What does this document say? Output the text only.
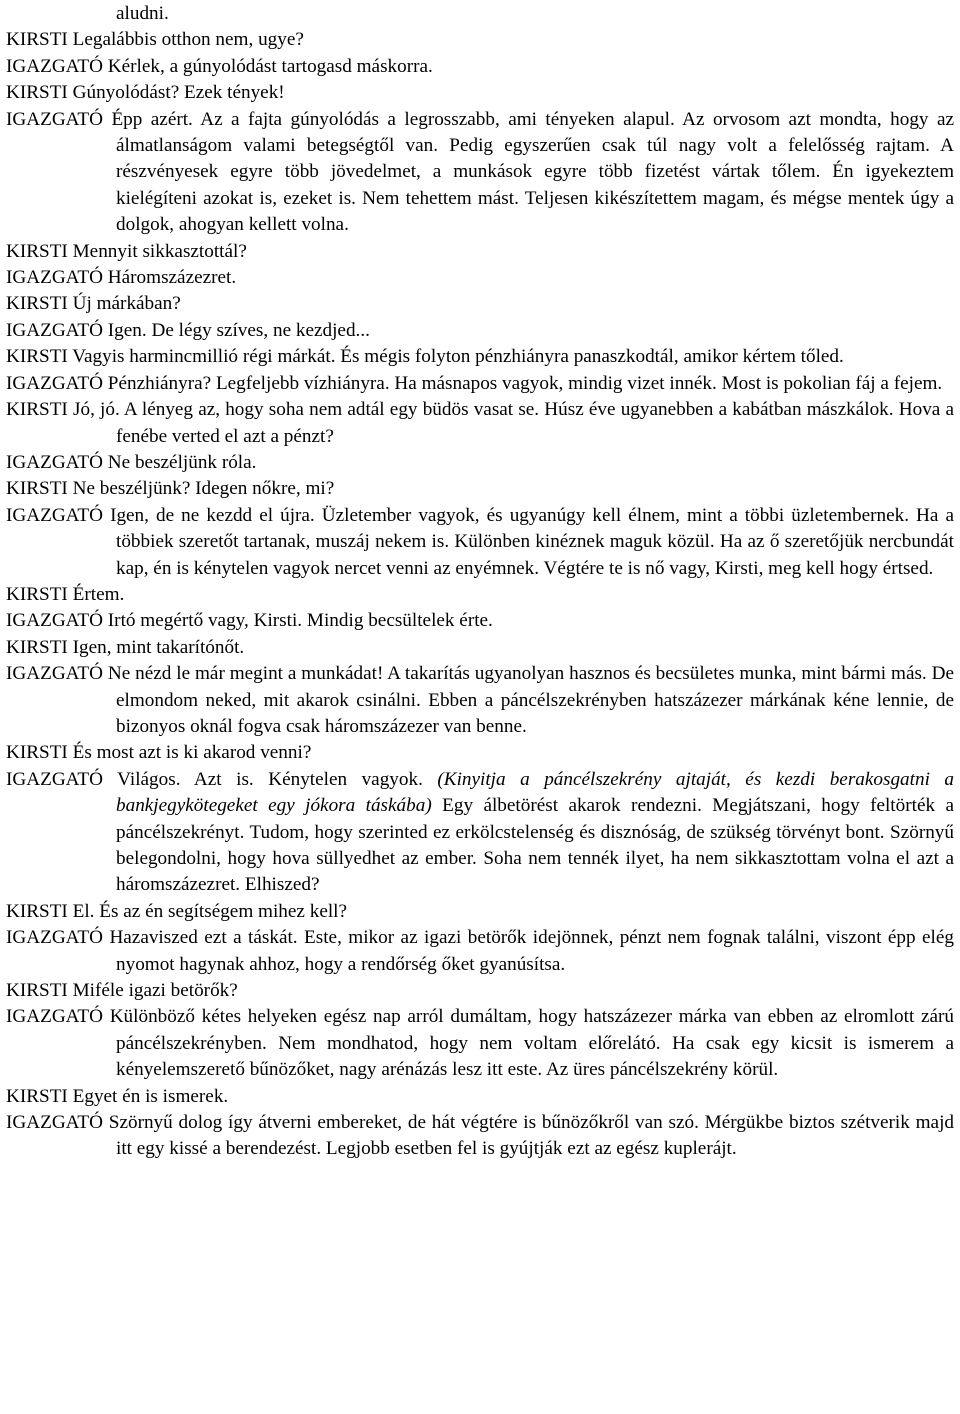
aludni.

KIRSTI Legalábbis otthon nem, ugye?

IGAZGATÓ Kérlek, a gúnyolódást tartogasd máskorra.

KIRSTI Gúnyolódást? Ezek tények!

IGAZGATÓ Épp azért. Az a fajta gúnyolódás a legrosszabb, ami tényeken alapul. Az orvosom azt mondta, hogy az álmatlanságom valami betegségtől van. Pedig egyszerűen csak túl nagy volt a felelősség rajtam. A részvényesek egyre több jövedelmet, a munkások egyre több fizetést vártak tőlem. Én igyekeztem kielégíteni azokat is, ezeket is. Nem tehettem mást. Teljesen kikészítettem magam, és mégse mentek úgy a dolgok, ahogyan kellett volna.

KIRSTI Mennyit sikkasztottál?

IGAZGATÓ Háromszázezret.

KIRSTI Új márkában?

IGAZGATÓ Igen. De légy szíves, ne kezdjed...

KIRSTI Vagyis harmincmillió régi márkát. És mégis folyton pénzhiányra panaszkodtál, amikor kértem tőled.

IGAZGATÓ Pénzhiányra? Legfeljebb vízhiányra. Ha másnapos vagyok, mindig vizet innék. Most is pokolian fáj a fejem.

KIRSTI Jó, jó. A lényeg az, hogy soha nem adtál egy büdös vasat se. Húsz éve ugyanebben a kabátban mászkálok. Hova a fenébe verted el azt a pénzt?

IGAZGATÓ Ne beszéljünk róla.

KIRSTI Ne beszéljünk? Idegen nőkre, mi?

IGAZGATÓ Igen, de ne kezdd el újra. Üzletember vagyok, és ugyanúgy kell élnem, mint a többi üzletembernek. Ha a többiek szeretőt tartanak, muszáj nekem is. Különben kinéznek maguk közül. Ha az ő szeretőjük nercbundát kap, én is kénytelen vagyok nercet venni az enyémnek. Végtére te is nő vagy, Kirsti, meg kell hogy értsed.

KIRSTI Értem.

IGAZGATÓ Irtó megértő vagy, Kirsti. Mindig becsültelek érte.

KIRSTI Igen, mint takarítónőt.

IGAZGATÓ Ne nézd le már megint a munkádat! A takarítás ugyanolyan hasznos és becsületes munka, mint bármi más. De elmondom neked, mit akarok csinálni. Ebben a páncélszekrényben hatszázezer márkának kéne lennie, de bizonyos oknál fogva csak háromszázezer van benne.

KIRSTI És most azt is ki akarod venni?

IGAZGATÓ Világos. Azt is. Kénytelen vagyok. (Kinyitja a páncélszekrény ajtaját, és kezdi berakosgatni a bankjegykötegeket egy jókora táskába) Egy álbetörést akarok rendezni. Megjátszani, hogy feltörték a páncélszekrényt. Tudom, hogy szerinted ez erkölcstelenség és disznóság, de szükség törvényt bont. Szörnyű belegondolni, hogy hova süllyedhet az ember. Soha nem tennék ilyet, ha nem sikkasztottam volna el azt a háromszázezret. Elhiszed?

KIRSTI El. És az én segítségem mihez kell?

IGAZGATÓ Hazaviszed ezt a táskát. Este, mikor az igazi betörők idejönnek, pénzt nem fognak találni, viszont épp elég nyomot hagynak ahhoz, hogy a rendőrség őket gyanúsítsa.

KIRSTI Miféle igazi betörők?

IGAZGATÓ Különböző kétes helyeken egész nap arról dumáltam, hogy hatszázezer márka van ebben az elromlott zárú páncélszekrényben. Nem mondhatod, hogy nem voltam előrelátó. Ha csak egy kicsit is ismerem a kényelemszerető bűnözőket, nagy arénázás lesz itt este. Az üres páncélszekrény körül.

KIRSTI Egyet én is ismerek.

IGAZGATÓ Szörnyű dolog így átverni embereket, de hát végtére is bűnözőkről van szó. Mérgükbe biztos szétverik majd itt egy kissé a berendezést. Legjobb esetben fel is gyújtják ezt az egész kuplerájt.
